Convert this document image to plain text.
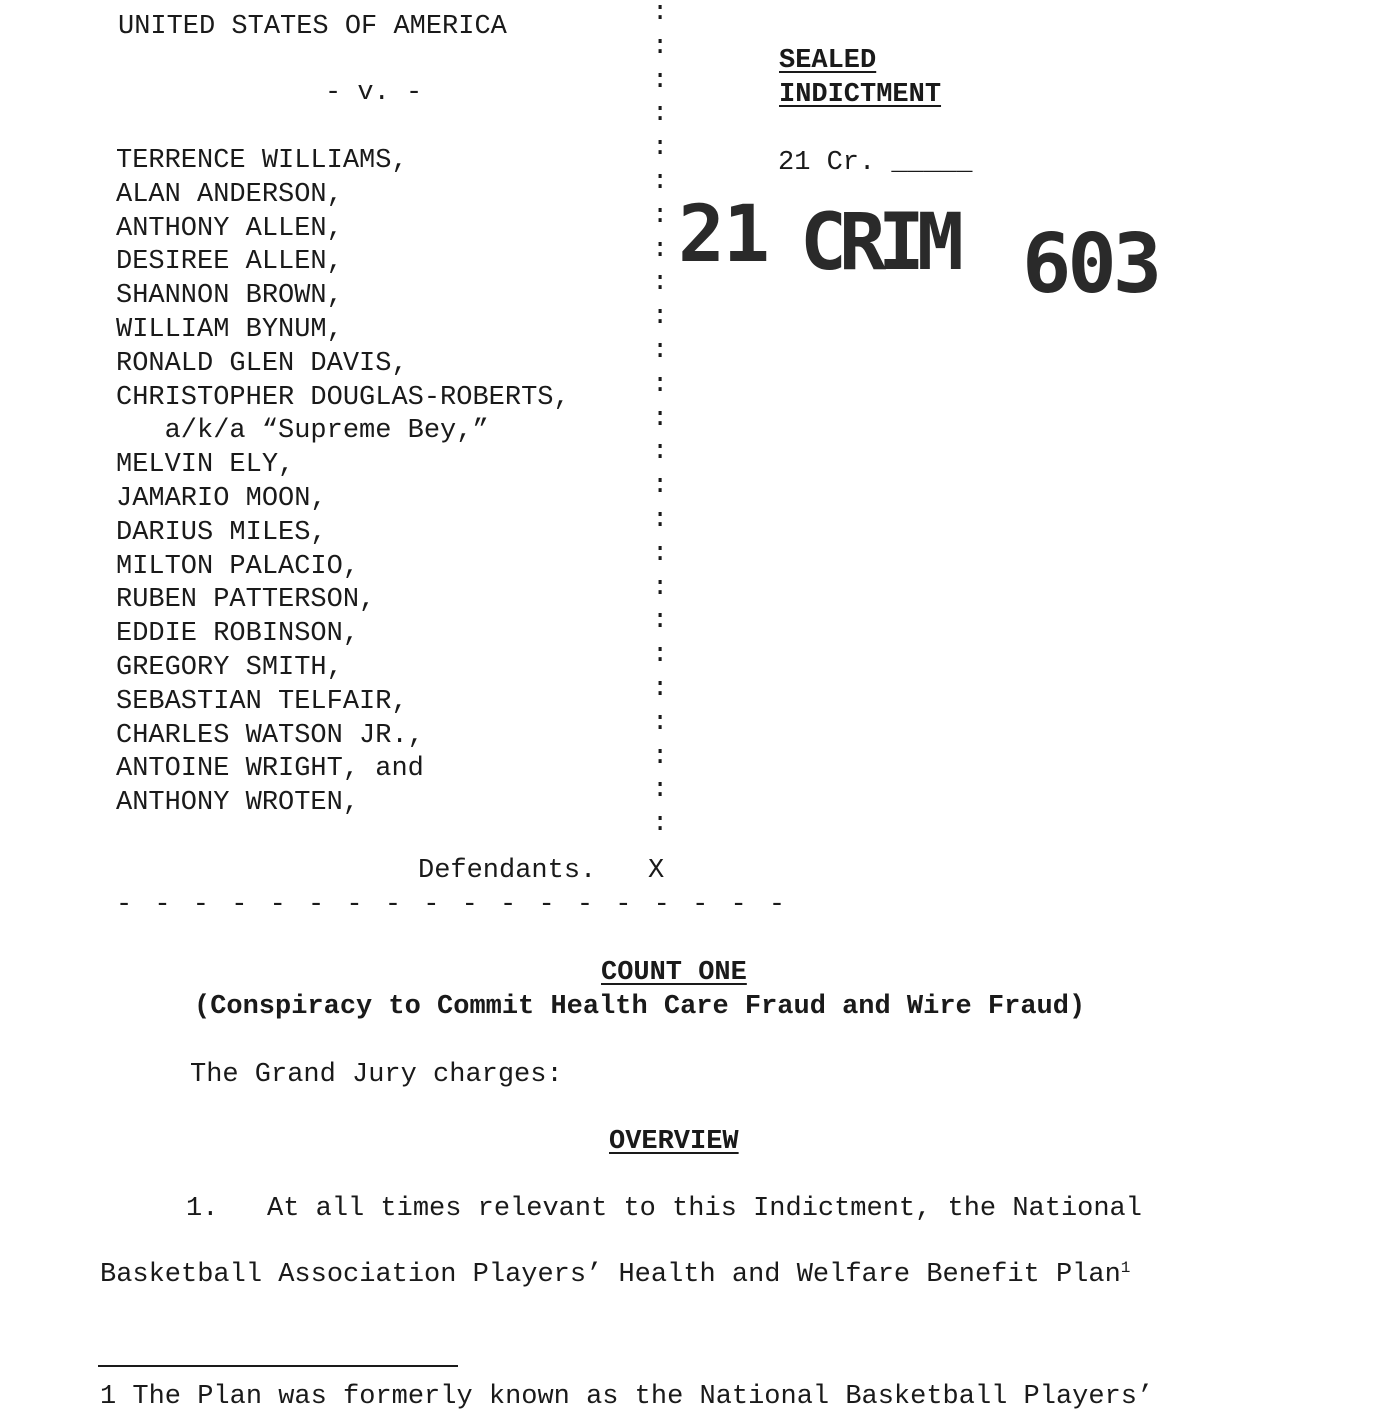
UNITED STATES OF AMERICA
- v. -
TERRENCE WILLIAMS,
ALAN ANDERSON,
ANTHONY ALLEN,
DESIREE ALLEN,
SHANNON BROWN,
WILLIAM BYNUM,
RONALD GLEN DAVIS,
CHRISTOPHER DOUGLAS-ROBERTS,
a/k/a “Supreme Bey,”
MELVIN ELY,
JAMARIO MOON,
DARIUS MILES,
MILTON PALACIO,
RUBEN PATTERSON,
EDDIE ROBINSON,
GREGORY SMITH,
SEBASTIAN TELFAIR,
CHARLES WATSON JR.,
ANTOINE WRIGHT, and
ANTHONY WROTEN,
Defendants. X
:
:
:
:
:
:
:
:
:
:
:
:
:
:
:
:
:
:
:
:
:
:
:
:
:
- - - - - - - - - - - - - - - - - -
SEALED
INDICTMENT
21 Cr. _____
21 CRIM 603
COUNT ONE
(Conspiracy to Commit Health Care Fraud and Wire Fraud)
The Grand Jury charges:
OVERVIEW
1.   At all times relevant to this Indictment, the National
Basketball Association Players’ Health and Welfare Benefit Plan$^1$
1 The Plan was formerly known as the National Basketball Players’
